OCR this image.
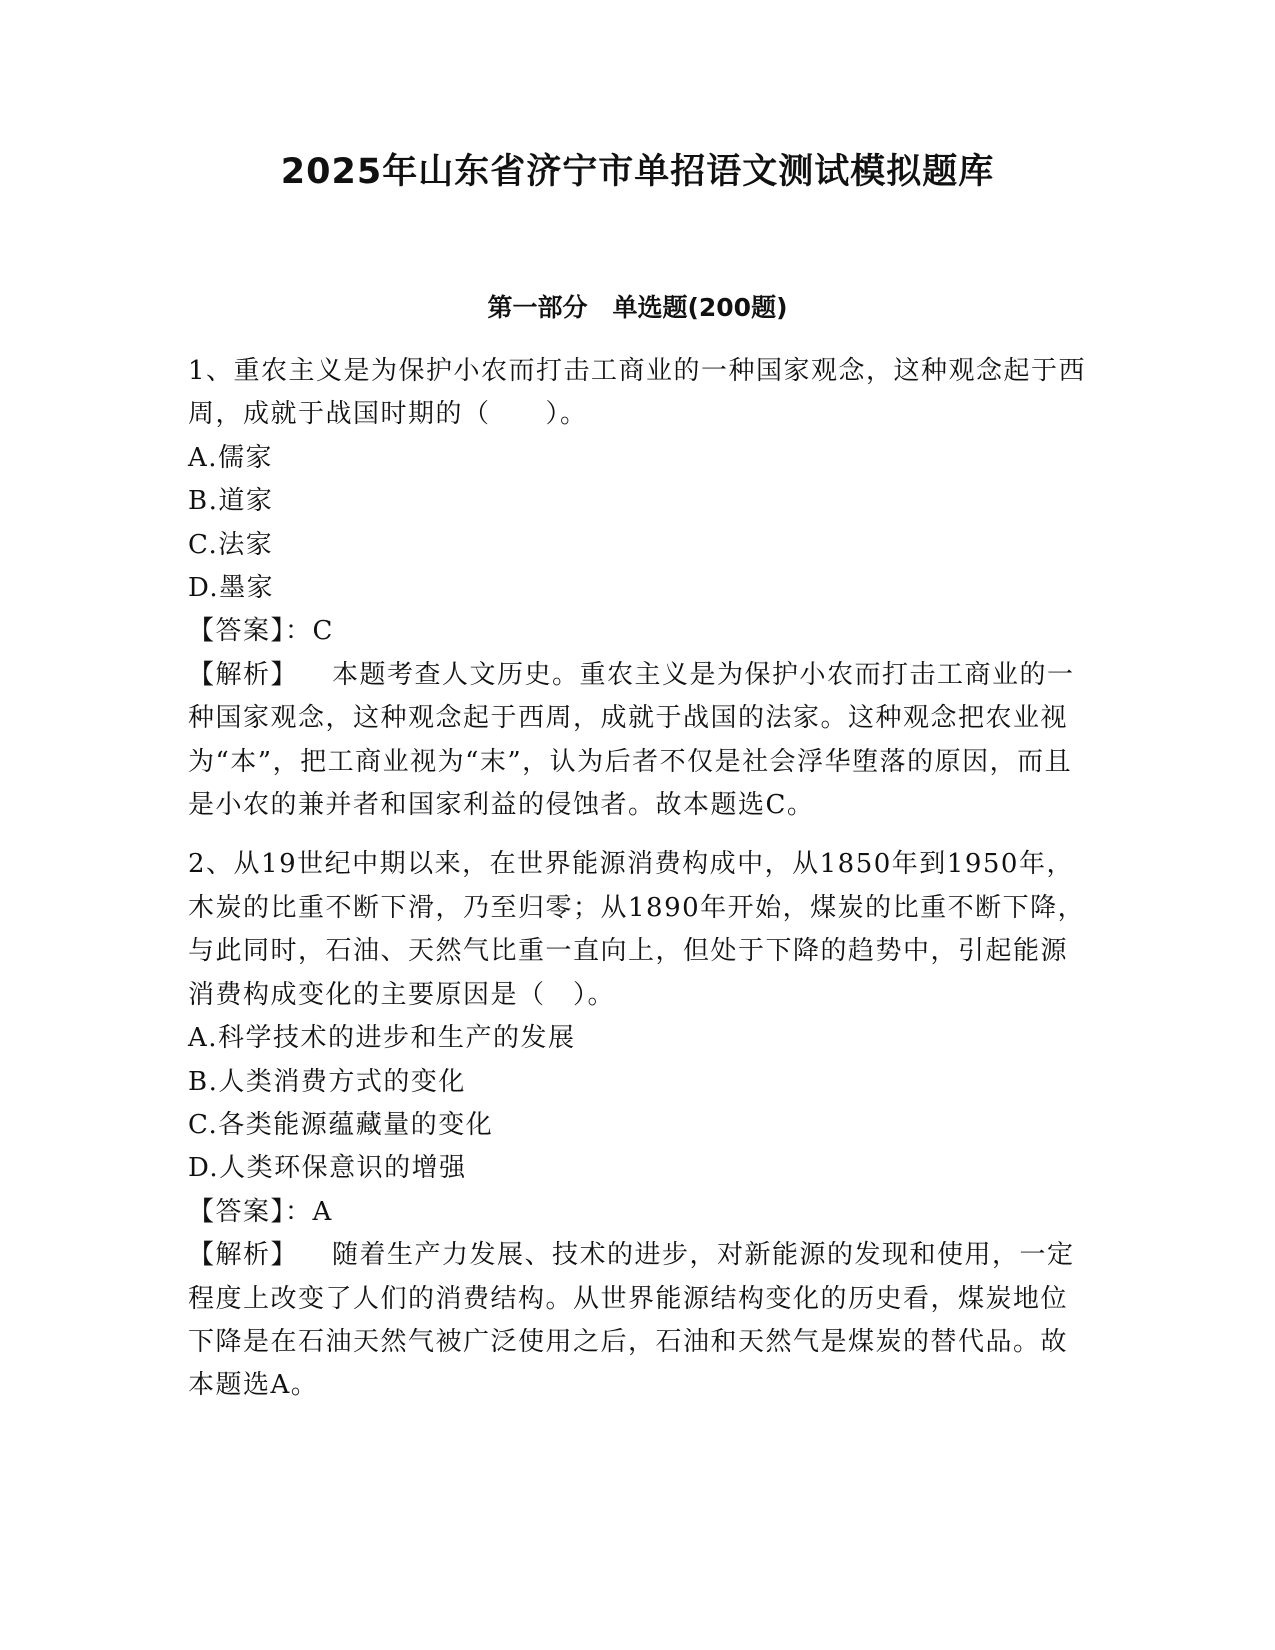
2025年山东省济宁市单招语文测试模拟题库
第一部分　单选题(200题)

1、重农主义是为保护小农而打击工商业的一种国家观念，这种观念起于西周，成就于战国时期的（　　）。

A.儒家

B.道家

C.法家

D.墨家

【答案】：C

【解析】 本题考查人文历史。重农主义是为保护小农而打击工商业的一种国家观念，这种观念起于西周，成就于战国的法家。这种观念把农业视为“本”，把工商业视为“末”，认为后者不仅是社会浮华堕落的原因，而且是小农的兼并者和国家利益的侵蚀者。故本题选C。

2、从19世纪中期以来，在世界能源消费构成中，从1850年到1950年，木炭的比重不断下滑，乃至归零；从1890年开始，煤炭的比重不断下降，与此同时，石油、天然气比重一直向上，但处于下降的趋势中，引起能源消费构成变化的主要原因是（　）。

A.科学技术的进步和生产的发展

B.人类消费方式的变化

C.各类能源蕴藏量的变化

D.人类环保意识的增强

【答案】：A

【解析】 随着生产力发展、技术的进步，对新能源的发现和使用，一定程度上改变了人们的消费结构。从世界能源结构变化的历史看，煤炭地位下降是在石油天然气被广泛使用之后，石油和天然气是煤炭的替代品。故本题选A。
